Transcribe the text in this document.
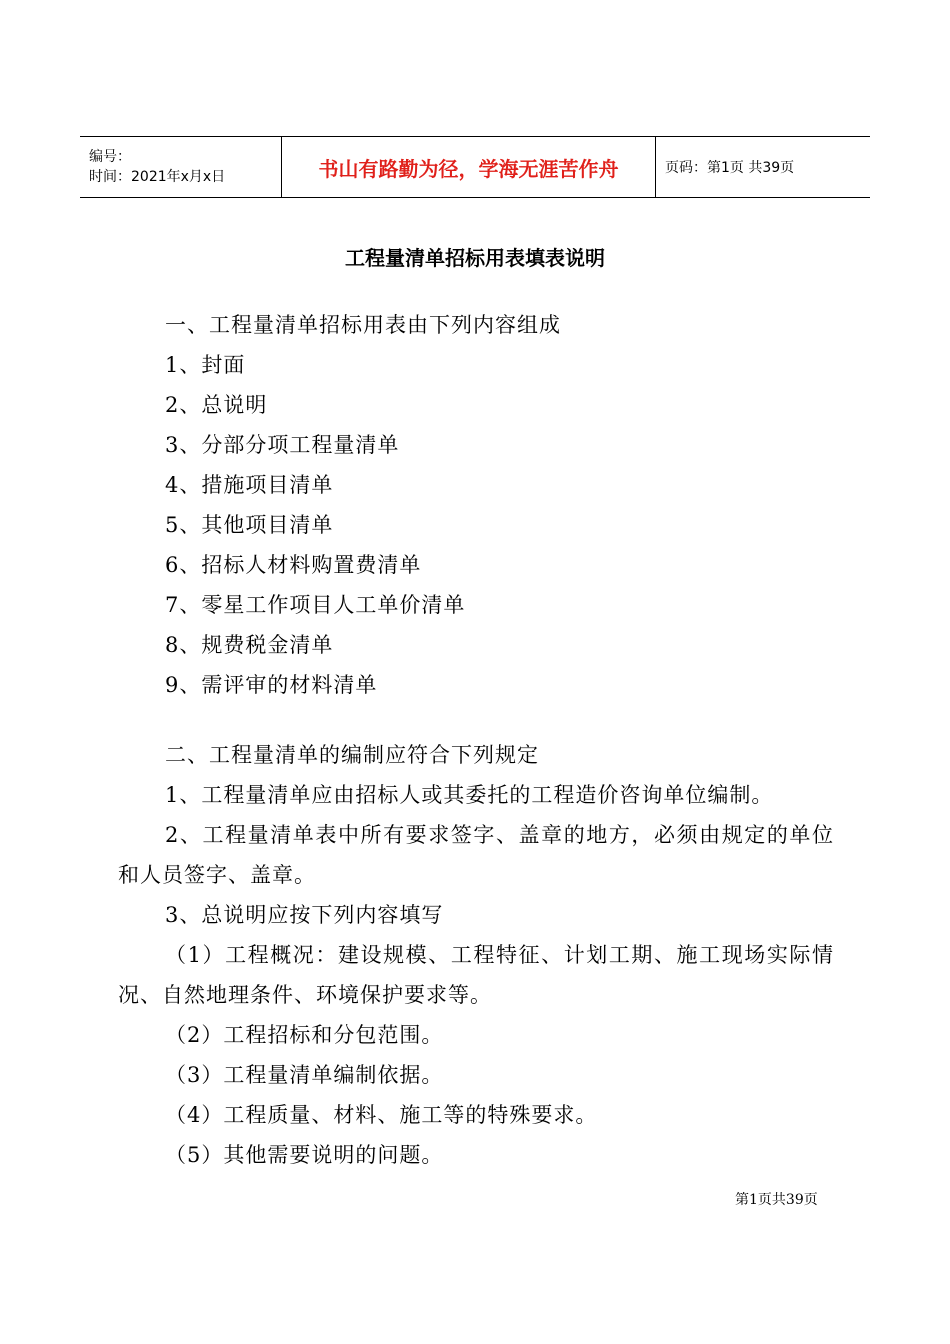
编号：
时间：2021年x月x日	书山有路勤为径，学海无涯苦作舟	页码：第1页 共39页
工程量清单招标用表填表说明

一、工程量清单招标用表由下列内容组成

1、封面

2、总说明

3、分部分项工程量清单

4、措施项目清单

5、其他项目清单

6、招标人材料购置费清单

7、零星工作项目人工单价清单

8、规费税金清单

9、需评审的材料清单

二、工程量清单的编制应符合下列规定

1、工程量清单应由招标人或其委托的工程造价咨询单位编制。

2、工程量清单表中所有要求签字、盖章的地方，必须由规定的单位和人员签字、盖章。

3、总说明应按下列内容填写

（1）工程概况：建设规模、工程特征、计划工期、施工现场实际情况、自然地理条件、环境保护要求等。

（2）工程招标和分包范围。

（3）工程量清单编制依据。

（4）工程质量、材料、施工等的特殊要求。

（5）其他需要说明的问题。

第1页共39页
